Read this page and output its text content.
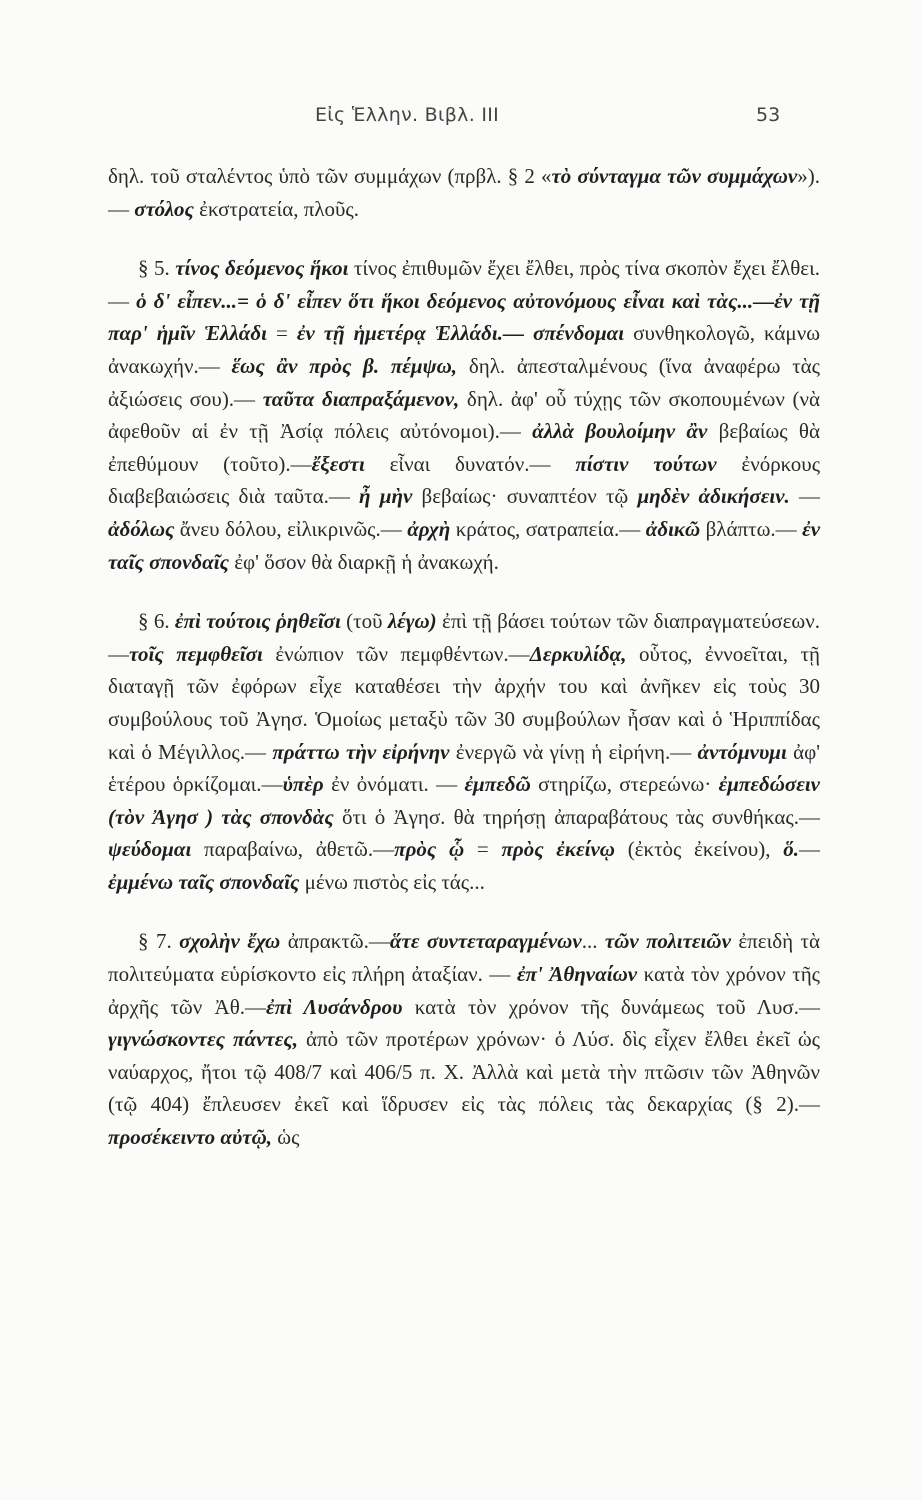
Εἰς Ἑλλην. Βιβλ. III	53

δηλ. τοῦ σταλέντος ὑπὸ τῶν συμμάχων (πρβλ. § 2 «τὸ σύνταγμα τῶν συμμάχων»).— στόλος ἐκστρατεία, πλοῦς.

§ 5. τίνος δεόμενος ἥκοι τίνος ἐπιθυμῶν ἔχει ἔλθει, πρὸς τίνα σκοπὸν ἔχει ἔλθει.— ὁ δ' εἶπεν...= ὁ δ' εἶπεν ὅτι ἥκοι δεόμενος αὐτονόμους εἶναι καὶ τὰς...—ἐν τῇ παρ' ἡμῖν Ἑλλάδι = ἐν τῇ ἡμετέρᾳ Ἑλλάδι.— σπένδομαι συνθηκολογῶ, κάμνω ἀνακωχήν.— ἕως ἂν πρὸς β. πέμψω, δηλ. ἀπεσταλμένους (ἵνα ἀναφέρω τὰς ἀξιώσεις σου).— ταῦτα διαπραξάμενον, δηλ. ἀφ' οὗ τύχῃς τῶν σκοπουμένων (νὰ ἀφεθοῦν αἱ ἐν τῇ Ἀσίᾳ πόλεις αὐτόνομοι).— ἀλλὰ βουλοίμην ἂν βεβαίως θὰ ἐπεθύμουν (τοῦτο).—ἔξεστι εἶναι δυνατόν.— πίστιν τούτων ἐνόρκους διαβεβαιώσεις διὰ ταῦτα.— ἦ μὴν βεβαίως· συναπτέον τῷ μηδὲν ἀδικήσειν. — ἀδόλως ἄνευ δόλου, εἰλικρινῶς.— ἀρχὴ κράτος, σατραπεία.— ἀδικῶ βλάπτω.— ἐν ταῖς σπονδαῖς ἐφ' ὅσον θὰ διαρκῇ ἡ ἀνακωχή.

§ 6. ἐπὶ τούτοις ῥηθεῖσι (τοῦ λέγω) ἐπὶ τῇ βάσει τούτων τῶν διαπραγματεύσεων.—τοῖς πεμφθεῖσι ἐνώπιον τῶν πεμφθέντων.—Δερκυλίδᾳ, οὗτος, ἐννοεῖται, τῇ διαταγῇ τῶν ἐφόρων εἶχε καταθέσει τὴν ἀρχήν του καὶ ἀνῆκεν εἰς τοὺς 30 συμβούλους τοῦ Ἀγησ. Ὁμοίως μεταξὺ τῶν 30 συμβούλων ἦσαν καὶ ὁ Ἡριππίδας καὶ ὁ Μέγιλλος.— πράττω τὴν εἰρήνην ἐνεργῶ νὰ γίνῃ ἡ εἰρήνη.— ἀντόμνυμι ἀφ' ἑτέρου ὁρκίζομαι.—ὑπὲρ ἐν ὀνόματι. — ἐμπεδῶ στηρίζω, στερεώνω· ἐμπεδώσειν (τὸν Ἀγησ ) τὰς σπονδὰς ὅτι ὁ Ἀγησ. θὰ τηρήσῃ ἀπαραβάτους τὰς συνθήκας.— ψεύδομαι παραβαίνω, ἀθετῶ.—πρὸς ᾧ = πρὸς ἐκείνῳ (ἐκτὸς ἐκείνου), ὅ.— ἐμμένω ταῖς σπονδαῖς μένω πιστὸς εἰς τάς...

§ 7. σχολὴν ἔχω ἀπρακτῶ.—ἅτε συντεταραγμένων... τῶν πολιτειῶν ἐπειδὴ τὰ πολιτεύματα εὑρίσκοντο εἰς πλήρη ἀταξίαν. — ἐπ' Ἀθηναίων κατὰ τὸν χρόνον τῆς ἀρχῆς τῶν Ἀθ.—ἐπὶ Λυσάνδρου κατὰ τὸν χρόνον τῆς δυνάμεως τοῦ Λυσ.—γιγνώσκοντες πάντες, ἀπὸ τῶν προτέρων χρόνων· ὁ Λύσ. δὶς εἶχεν ἔλθει ἐκεῖ ὡς ναύαρχος, ἤτοι τῷ 408/7 καὶ 406/5 π. Χ. Ἀλλὰ καὶ μετὰ τὴν πτῶσιν τῶν Ἀθηνῶν (τῷ 404) ἔπλευσεν ἐκεῖ καὶ ἵδρυσεν εἰς τὰς πόλεις τὰς δεκαρχίας (§ 2).— προσέκειντο αὐτῷ, ὡς
